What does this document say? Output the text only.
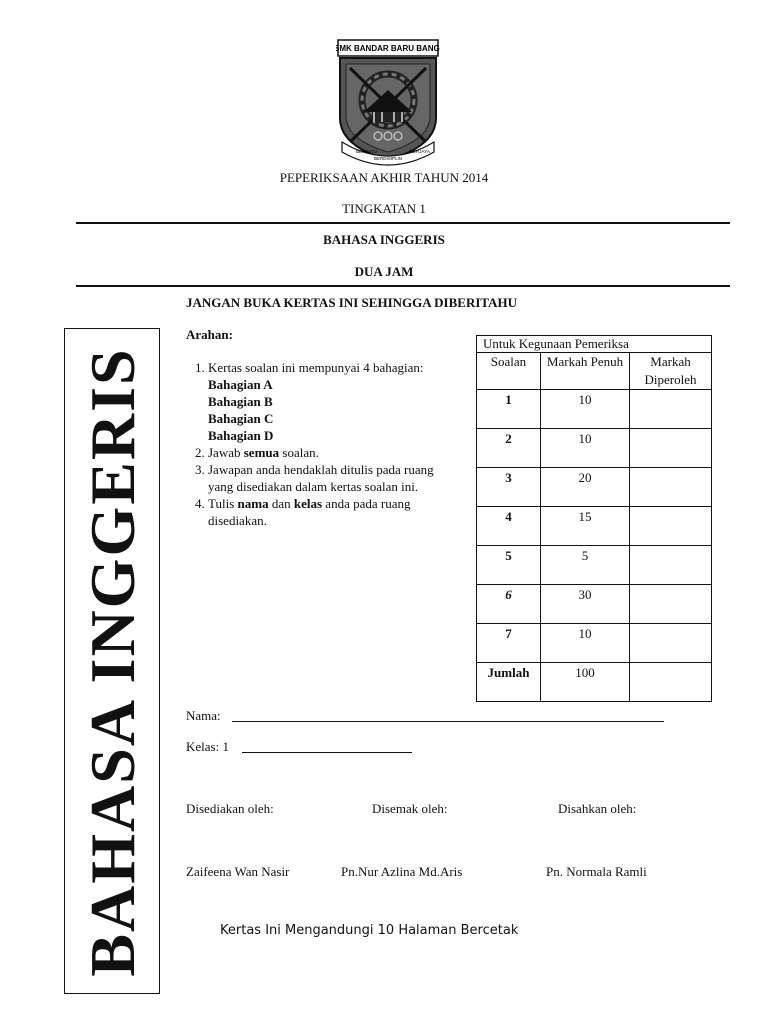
SMK BANDAR BARU BANGI
BERSATU
BERDISIPLIN
BERJAYA
PEPERIKSAAN AKHIR TAHUN 2014
TINGKATAN 1
BAHASA INGGERIS
DUA JAM
JANGAN BUKA KERTAS INI SEHINGGA DIBERITAHU
BAHASA INGGERIS
Arahan:
1. Kertas soalan ini mempunyai 4 bahagian:
Bahagian A
Bahagian B
Bahagian C
Bahagian D
2. Jawab semua soalan.
3. Jawapan anda hendaklah ditulis pada ruang
yang disediakan dalam kertas soalan ini.
4. Tulis nama dan kelas anda pada ruang disediakan.
Untuk Kegunaan Pemeriksa		
Soalan	Markah Penuh	Markah Diperoleh
1	10	
2	10	
3	20	
4	15	
5	5	
6	30	
7	10	
Jumlah	100	
Nama:
Kelas: 1
Disediakan oleh:	Disemak oleh:	Disahkan oleh:
Zaifeena Wan Nasir	Pn.Nur Azlina Md.Aris	Pn. Normala Ramli
Kertas Ini Mengandungi 10 Halaman Bercetak
